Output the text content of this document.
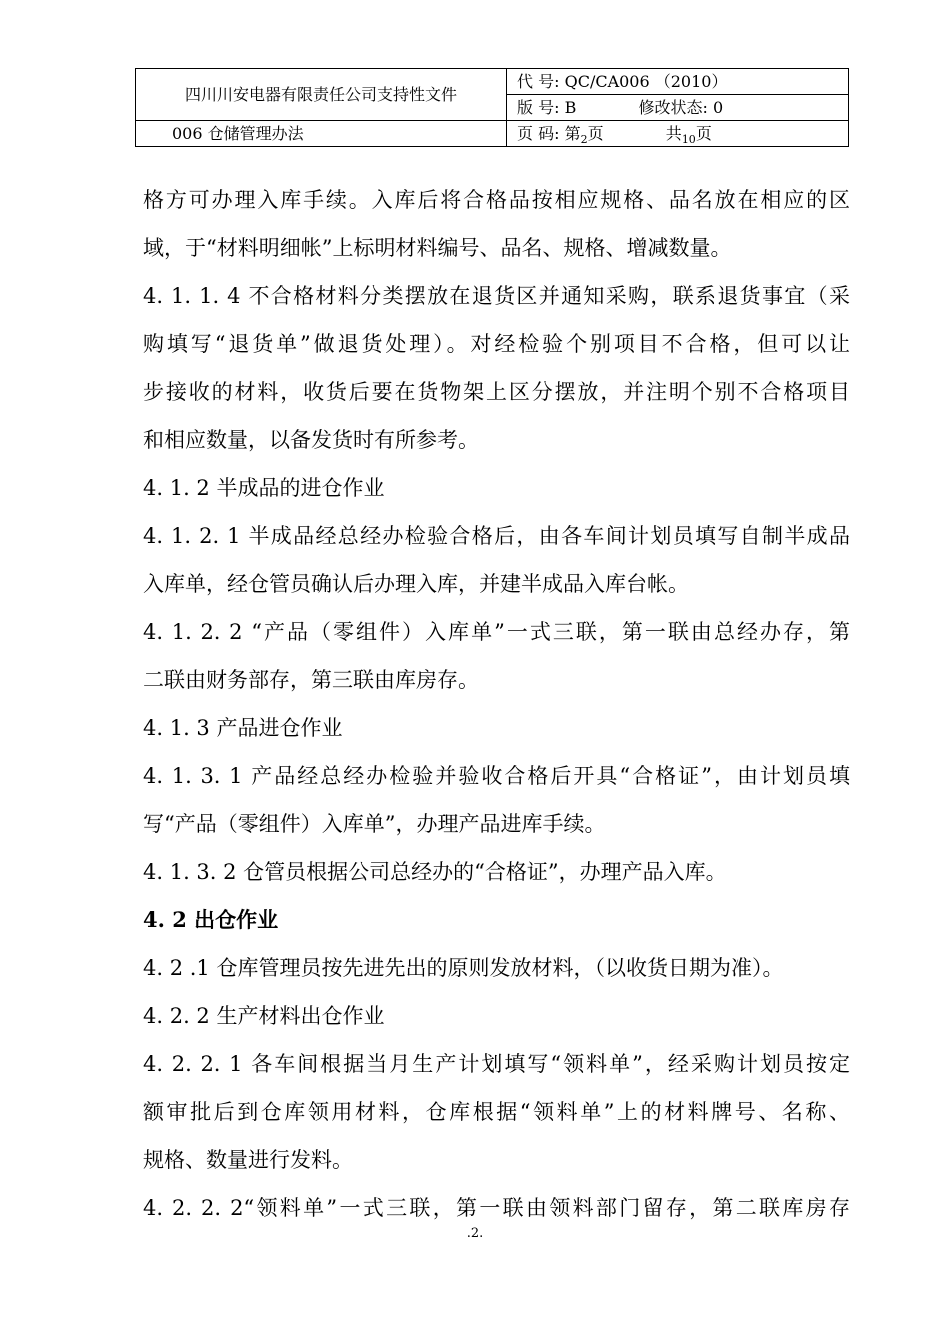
四川川安电器有限责任公司支持性文件	代 号: QC/CA006 （2010）
	版 号: B 修改状态: 0
006 仓储管理办法	页 码: 第$_2$页 共$_{10}$页

格方可办理入库手续。入库后将合格品按相应规格、品名放在相应的区

域，于“材料明细帐”上标明材料编号、品名、规格、增减数量。

4. 1. 1. 4 不合格材料分类摆放在退货区并通知采购，联系退货事宜（采

购填写“退货单”做退货处理）。对经检验个别项目不合格，但可以让

步接收的材料，收货后要在货物架上区分摆放，并注明个别不合格项目

和相应数量，以备发货时有所参考。

4. 1. 2 半成品的进仓作业

4. 1. 2. 1 半成品经总经办检验合格后，由各车间计划员填写自制半成品

入库单，经仓管员确认后办理入库，并建半成品入库台帐。

4. 1. 2. 2 “产品（零组件）入库单”一式三联，第一联由总经办存，第

二联由财务部存，第三联由库房存。

4. 1. 3 产品进仓作业

4. 1. 3. 1 产品经总经办检验并验收合格后开具“合格证”，由计划员填

写“产品（零组件）入库单”，办理产品进库手续。

4. 1. 3. 2 仓管员根据公司总经办的“合格证”，办理产品入库。

4. 2 出仓作业

4. 2 .1 仓库管理员按先进先出的原则发放材料，（以收货日期为准）。

4. 2. 2 生产材料出仓作业

4. 2. 2. 1 各车间根据当月生产计划填写“领料单”，经采购计划员按定

额审批后到仓库领用材料，仓库根据“领料单”上的材料牌号、名称、

规格、数量进行发料。

4. 2. 2. 2“领料单”一式三联，第一联由领料部门留存，第二联库房存

.2.
